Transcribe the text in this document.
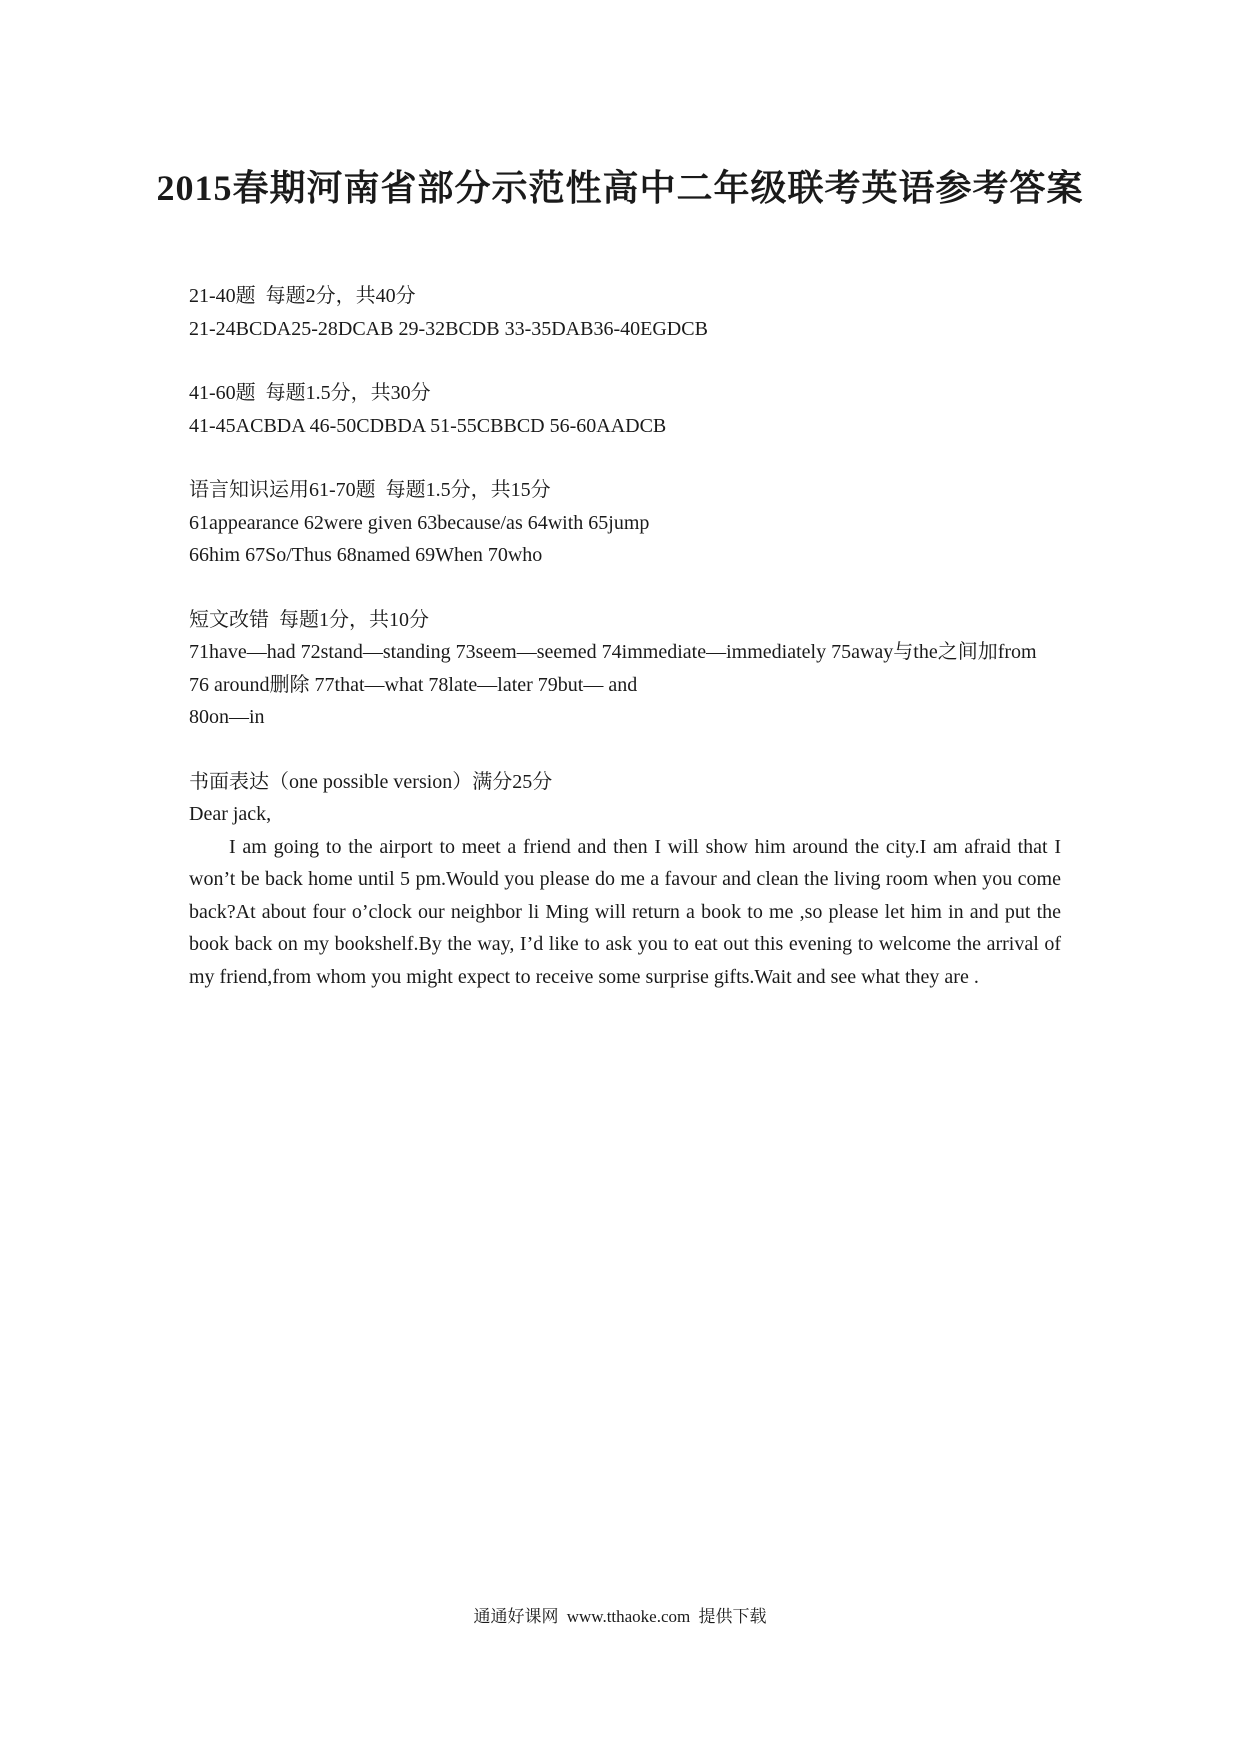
2015春期河南省部分示范性高中二年级联考英语参考答案
21-40题  每题2分，共40分
21-24BCDA25-28DCAB 29-32BCDB 33-35DAB36-40EGDCB
41-60题  每题1.5分，共30分
41-45ACBDA 46-50CDBDA 51-55CBBCD 56-60AADCB
语言知识运用61-70题  每题1.5分，共15分
61appearance 62were given 63because/as 64with 65jump
66him 67So/Thus 68named 69When 70who
短文改错  每题1分，共10分
71have—had 72stand—standing 73seem—seemed 74immediate—immediately 75away与the之间加from
76 around删除 77that—what 78late—later 79but— and
80on—in
书面表达（one possible version）满分25分
Dear jack,

I am going to the airport to meet a friend and then I will show him around the city.I am afraid that I won’t be back home until 5 pm.Would you please do me a favour and clean the living room when you come back?At about four o’clock our neighbor li Ming will return a book to me ,so please let him in and put the book back on my bookshelf.By the way, I’d like to ask you to eat out this evening to welcome the arrival of my friend,from whom you might expect to receive some surprise gifts.Wait and see what they are .

通通好课网 www.tthaoke.com 提供下载
